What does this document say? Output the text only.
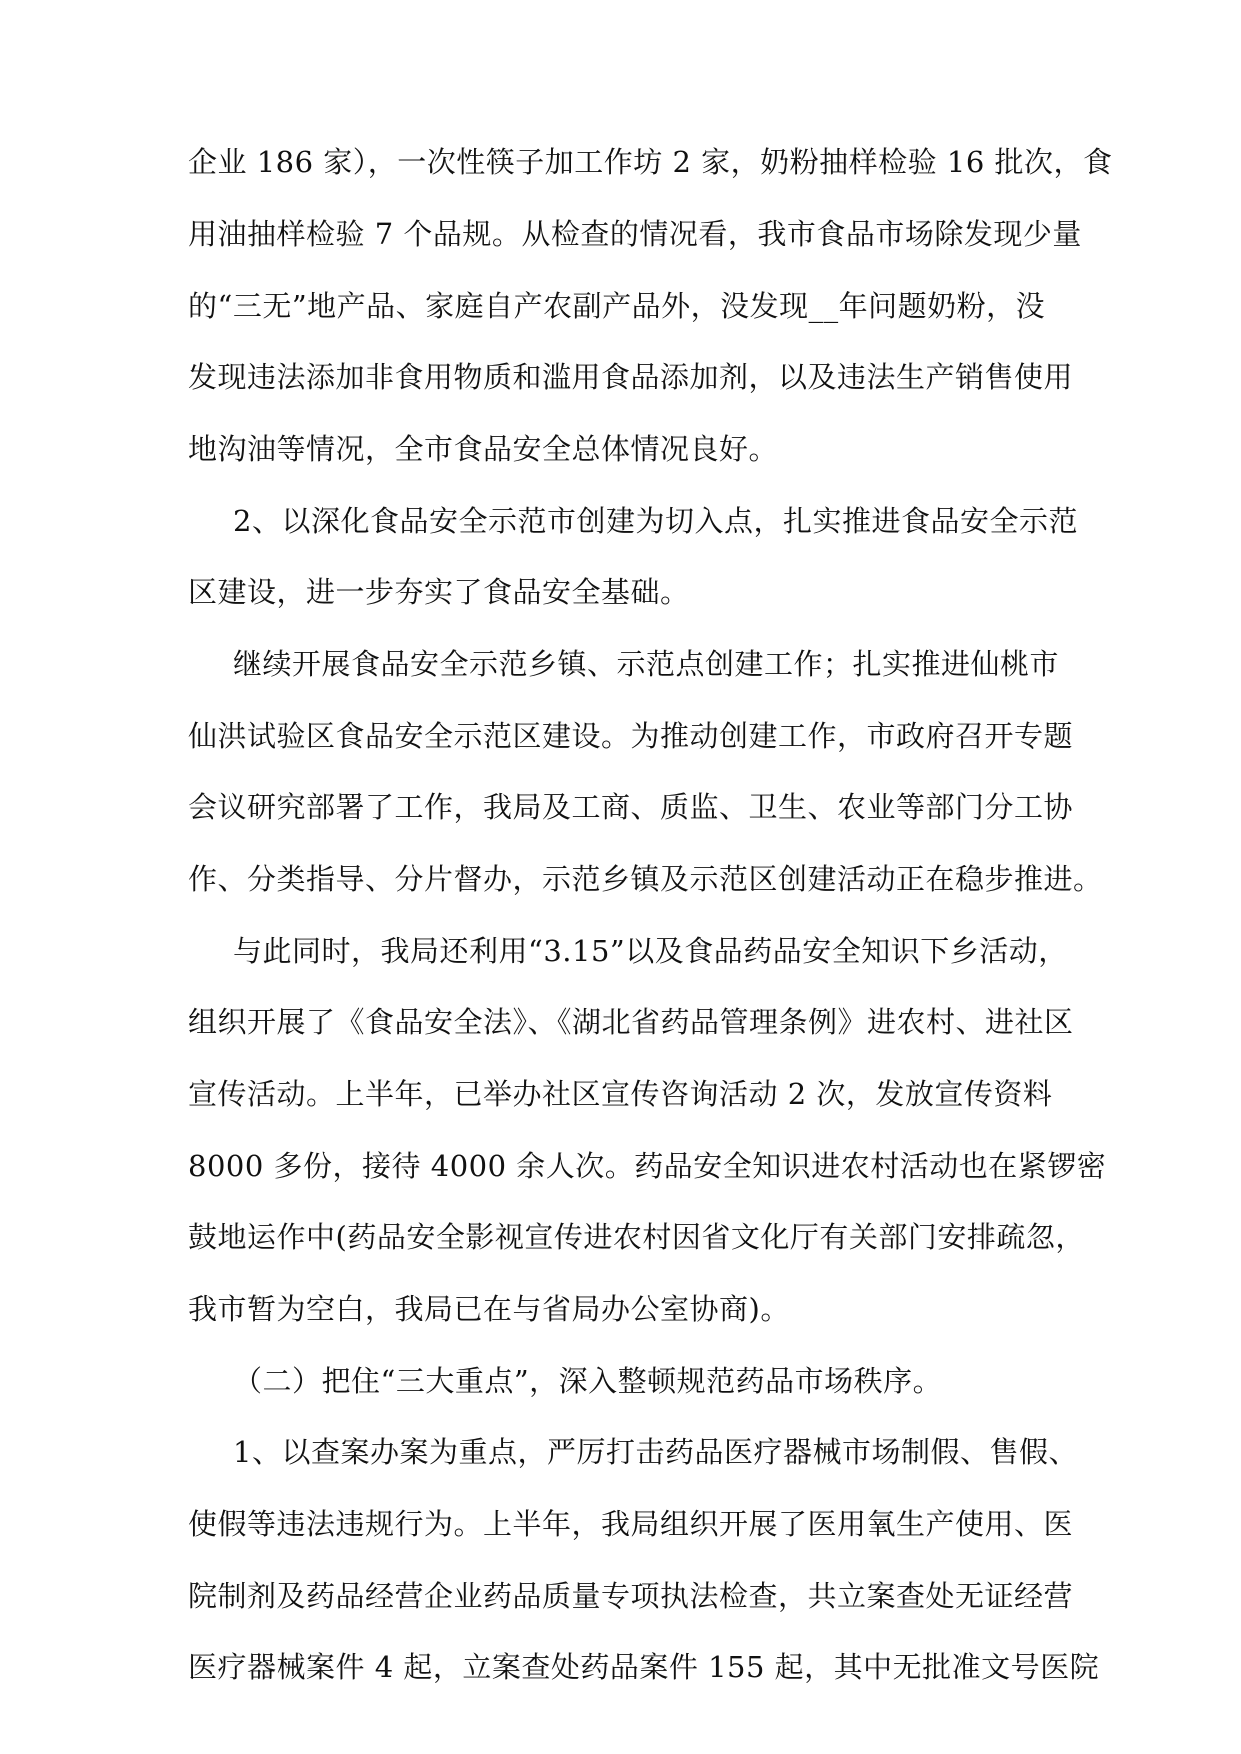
企业 186 家），一次性筷子加工作坊 2 家，奶粉抽样检验 16 批次，食
用油抽样检验 7 个品规。从检查的情况看，我市食品市场除发现少量
的“三无”地产品、家庭自产农副产品外，没发现__年问题奶粉，没
发现违法添加非食用物质和滥用食品添加剂，以及违法生产销售使用
地沟油等情况，全市食品安全总体情况良好。
2、以深化食品安全示范市创建为切入点，扎实推进食品安全示范
区建设，进一步夯实了食品安全基础。
继续开展食品安全示范乡镇、示范点创建工作；扎实推进仙桃市
仙洪试验区食品安全示范区建设。为推动创建工作，市政府召开专题
会议研究部署了工作，我局及工商、质监、卫生、农业等部门分工协
作、分类指导、分片督办，示范乡镇及示范区创建活动正在稳步推进。
与此同时，我局还利用“3.15”以及食品药品安全知识下乡活动，
组织开展了《食品安全法》、《湖北省药品管理条例》进农村、进社区
宣传活动。上半年，已举办社区宣传咨询活动 2 次，发放宣传资料
8000 多份，接待 4000 余人次。药品安全知识进农村活动也在紧锣密
鼓地运作中(药品安全影视宣传进农村因省文化厅有关部门安排疏忽，
我市暂为空白，我局已在与省局办公室协商)。
（二）把住“三大重点”，深入整顿规范药品市场秩序。
1、以查案办案为重点，严厉打击药品医疗器械市场制假、售假、
使假等违法违规行为。上半年，我局组织开展了医用氧生产使用、医
院制剂及药品经营企业药品质量专项执法检查，共立案查处无证经营
医疗器械案件 4 起，立案查处药品案件 155 起，其中无批准文号医院
